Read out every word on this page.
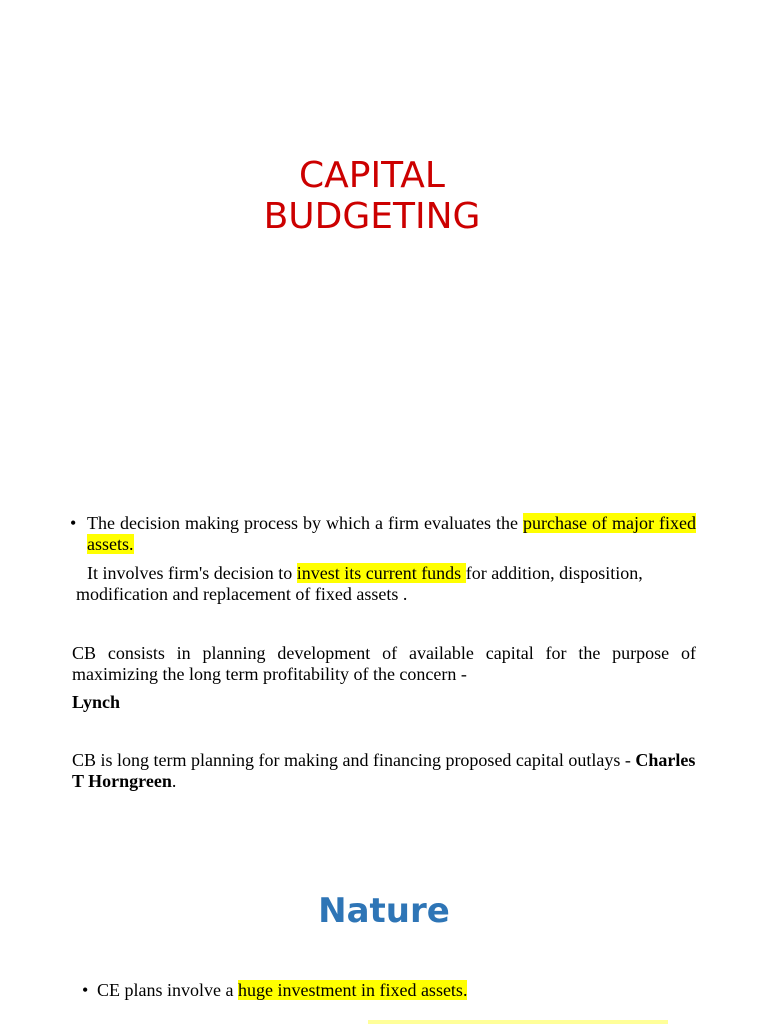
CAPITAL
BUDGETING
• The decision making process by which a firm evaluates the purchase of major fixed assets.
It involves firm's decision to invest its current funds for addition, disposition, modification and replacement of fixed assets .
CB consists in planning development of available capital for the purpose of maximizing the long term profitability of the concern -
Lynch
CB is long term planning for making and financing proposed capital outlays - Charles T Horngreen.
Nature
• CE plans involve a huge investment in fixed assets.
